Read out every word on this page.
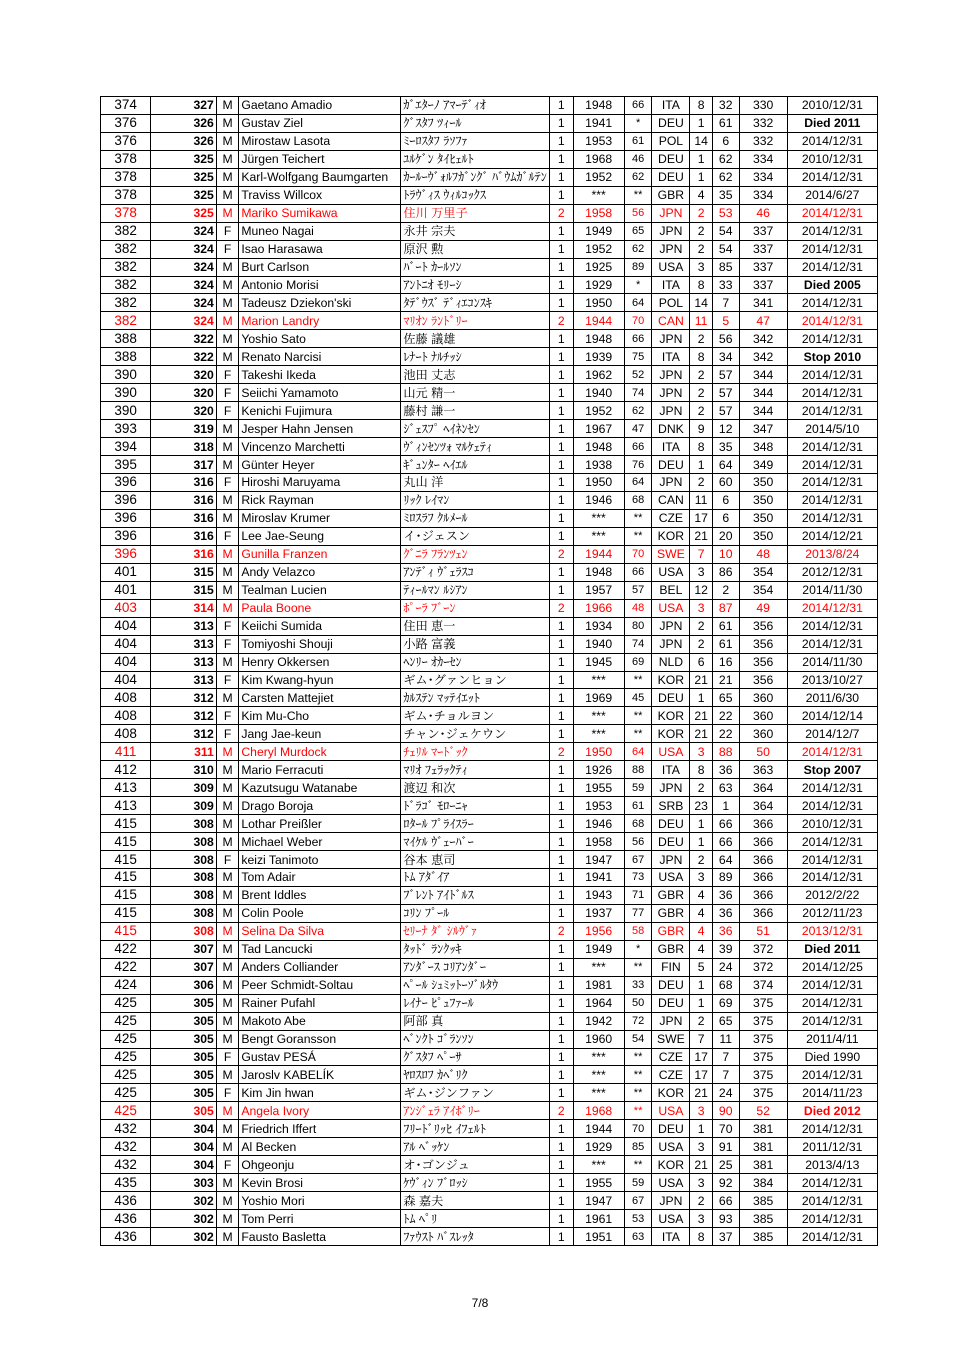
374	327	M	Gaetano Amadio	ｶﾞｴﾀｰﾉ ｱﾏｰﾃﾞｨｵ	1	1948	66	ITA	8	32	330	2010/12/31
376	326	M	Gustav Ziel	ｸﾞｽﾀﾌ ﾂｨｰﾙ	1	1941	*	DEU	1	61	332	Died 2011
376	326	M	Mirostaw Lasota	ﾐｰﾛｽﾀﾌ ﾗｿﾌｧ	1	1953	61	POL	14	6	332	2014/12/31
378	325	M	Jürgen Teichert	ﾕﾙｹﾞﾝ ﾀｲﾋｪﾙﾄ	1	1968	46	DEU	1	62	334	2010/12/31
378	325	M	Karl-Wolfgang Baumgarten	ｶｰﾙｰｳﾞｫﾙﾌｶﾞﾝｸﾞ ﾊﾞｳﾑｶﾞﾙﾃﾝ	1	1952	62	DEU	1	62	334	2014/12/31
378	325	M	Traviss Willcox	ﾄﾗｳﾞｨｽ ｳｨﾙｺｯｸｽ	1	***	**	GBR	4	35	334	2014/6/27
378	325	M	Mariko Sumikawa	住川 万里子	2	1958	56	JPN	2	53	46	2014/12/31
382	324	F	Muneo Nagai	永井 宗夫	1	1949	65	JPN	2	54	337	2014/12/31
382	324	F	Isao Harasawa	原沢 勲	1	1952	62	JPN	2	54	337	2014/12/31
382	324	M	Burt Carlson	ﾊﾞｰﾄ ｶｰﾙｿﾝ	1	1925	89	USA	3	85	337	2014/12/31
382	324	M	Antonio Morisi	ｱﾝﾄﾆｵ ﾓﾘｰｼ	1	1929	*	ITA	8	33	337	Died 2005
382	324	M	Tadeusz Dziekon'ski	ﾀﾃﾞｳｽﾞ ﾃﾞｨｴｺﾝｽｷ	1	1950	64	POL	14	7	341	2014/12/31
382	324	M	Marion Landry	ﾏﾘｵﾝ ﾗﾝﾄﾞﾘｰ	2	1944	70	CAN	11	5	47	2014/12/31
388	322	M	Yoshio Sato	佐藤 議雄	1	1948	66	JPN	2	56	342	2014/12/31
388	322	M	Renato Narcisi	ﾚﾅｰﾄ ﾅﾙﾁｯｼ	1	1939	75	ITA	8	34	342	Stop 2010
390	320	F	Takeshi Ikeda	池田 丈志	1	1962	52	JPN	2	57	344	2014/12/31
390	320	F	Seiichi Yamamoto	山元 精一	1	1940	74	JPN	2	57	344	2014/12/31
390	320	F	Kenichi Fujimura	藤村 謙一	1	1952	62	JPN	2	57	344	2014/12/31
393	319	M	Jesper Hahn Jensen	ｼﾞｪｽﾌﾟ ﾍｲﾈﾝｾﾝ	1	1967	47	DNK	9	12	347	2014/5/10
394	318	M	Vincenzo Marchetti	ｳﾞｨﾝｾﾝﾂｫ ﾏﾙｹｪﾃｨ	1	1948	66	ITA	8	35	348	2014/12/31
395	317	M	Günter Heyer	ｷﾞｭﾝﾀｰ ﾍｲｴﾙ	1	1938	76	DEU	1	64	349	2014/12/31
396	316	F	Hiroshi Maruyama	丸山 洋	1	1950	64	JPN	2	60	350	2014/12/31
396	316	M	Rick Rayman	ﾘｯｸ ﾚｲﾏﾝ	1	1946	68	CAN	11	6	350	2014/12/31
396	316	M	Miroslav Krumer	ﾐﾛｽﾗﾌ ｸﾙﾒｰﾙ	1	***	**	CZE	17	6	350	2014/12/31
396	316	F	Lee Jae-Seung	イ･ジェスン	1	***	**	KOR	21	20	350	2014/12/21
396	316	M	Gunilla Franzen	ｸﾞﾆﾗ ﾌﾗﾝﾂｪﾝ	2	1944	70	SWE	7	10	48	2013/8/24
401	315	M	Andy Velazco	ｱﾝﾃﾞｨ ｳﾞｪﾗｽｺ	1	1948	66	USA	3	86	354	2012/12/31
401	315	M	Tealman Lucien	ﾃｨｰﾙﾏﾝ ﾙｼｱﾝ	1	1957	57	BEL	12	2	354	2014/11/30
403	314	M	Paula Boone	ﾎﾟｰﾗ ﾌﾞｰﾝ	2	1966	48	USA	3	87	49	2014/12/31
404	313	F	Keiichi Sumida	住田 恵一	1	1934	80	JPN	2	61	356	2014/12/31
404	313	F	Tomiyoshi Shouji	小路 富義	1	1940	74	JPN	2	61	356	2014/12/31
404	313	M	Henry Okkersen	ﾍﾝﾘｰ ｵｶｰｾﾝ	1	1945	69	NLD	6	16	356	2014/11/30
404	313	F	Kim Kwang-hyun	ギム･グァンヒョン	1	***	**	KOR	21	21	356	2013/10/27
408	312	M	Carsten Mattejiet	ｶﾙｽﾃﾝ ﾏｯﾃｲｴｯﾄ	1	1969	45	DEU	1	65	360	2011/6/30
408	312	F	Kim Mu-Cho	ギム･チョルヨン	1	***	**	KOR	21	22	360	2014/12/14
408	312	F	Jang Jae-keun	チャン･ジェケウン	1	***	**	KOR	21	22	360	2014/12/7
411	311	M	Cheryl Murdock	ﾁｪﾘﾙ ﾏｰﾄﾞｯｸ	2	1950	64	USA	3	88	50	2014/12/31
412	310	M	Mario Ferracuti	ﾏﾘｵ ﾌｪﾗｯｸﾃｨ	1	1926	88	ITA	8	36	363	Stop 2007
413	309	M	Kazutsugu Watanabe	渡辺 和次	1	1955	59	JPN	2	63	364	2014/12/31
413	309	M	Drago Boroja	ﾄﾞﾗｺﾞ ﾓﾛｰﾆｬ	1	1953	61	SRB	23	1	364	2014/12/31
415	308	M	Lothar Preißler	ﾛﾀｰﾙ ﾌﾟﾗｲｽﾗｰ	1	1946	68	DEU	1	66	366	2010/12/31
415	308	M	Michael Weber	ﾏｲｹﾙ ｳﾞｪｰﾊﾞｰ	1	1958	56	DEU	1	66	366	2014/12/31
415	308	F	keizi Tanimoto	谷本 恵司	1	1947	67	JPN	2	64	366	2014/12/31
415	308	M	Tom Adair	ﾄﾑ ｱﾀﾞｲｱ	1	1941	73	USA	3	89	366	2014/12/31
415	308	M	Brent Iddles	ﾌﾞﾚﾝﾄ ｱｲﾄﾞﾙｽ	1	1943	71	GBR	4	36	366	2012/2/22
415	308	M	Colin Poole	ｺﾘﾝ ﾌﾟｰﾙ	1	1937	77	GBR	4	36	366	2012/11/23
415	308	M	Selina Da Silva	ｾﾘｰﾅ ﾀﾞ ｼﾙｳﾞｧ	2	1956	58	GBR	4	36	51	2013/12/31
422	307	M	Tad Lancucki	ﾀｯﾄﾞ ﾗﾝｸｯｷ	1	1949	*	GBR	4	39	372	Died 2011
422	307	M	Anders Colliander	ｱﾝﾀﾞｰｽ ｺﾘｱﾝﾀﾞｰ	1	***	**	FIN	5	24	372	2014/12/25
424	306	M	Peer Schmidt-Soltau	ﾍﾟｰﾙ ｼｭﾐｯﾄｰｿﾞﾙﾀｳ	1	1981	33	DEU	1	68	374	2014/12/31
425	305	M	Rainer Pufahl	ﾚｲﾅｰ ﾋﾟｭﾌｧｰﾙ	1	1964	50	DEU	1	69	375	2014/12/31
425	305	M	Makoto Abe	阿部 真	1	1942	72	JPN	2	65	375	2014/12/31
425	305	M	Bengt Goransson	ﾍﾞﾝｸﾄ ｺﾞﾗﾝｿﾝ	1	1960	54	SWE	7	11	375	2011/4/11
425	305	F	Gustav PESÁ	ｸﾞｽﾀﾌ ﾍﾟｰｻ	1	***	**	CZE	17	7	375	Died 1990
425	305	M	Jaroslv KABELÍK	ﾔﾛｽﾛﾌ ｶﾍﾞﾘｸ	1	***	**	CZE	17	7	375	2014/12/31
425	305	F	Kim Jin hwan	ギム･ジンファン	1	***	**	KOR	21	24	375	2014/11/23
425	305	M	Angela Ivory	ｱﾝｼﾞｪﾗ ｱｲﾎﾞﾘｰ	2	1968	**	USA	3	90	52	Died 2012
432	304	M	Friedrich Iffert	ﾌﾘｰﾄﾞﾘｯﾋ ｲﾌｪﾙﾄ	1	1944	70	DEU	1	70	381	2014/12/31
432	304	M	Al Becken	ｱﾙ ﾍﾞｯｹﾝ	1	1929	85	USA	3	91	381	2011/12/31
432	304	F	Ohgeonju	オ･ゴンジュ	1	***	**	KOR	21	25	381	2013/4/13
435	303	M	Kevin Brosi	ｹｳﾞｨﾝ ﾌﾞﾛｯｼ	1	1955	59	USA	3	92	384	2014/12/31
436	302	M	Yoshio Mori	森 嘉夫	1	1947	67	JPN	2	66	385	2014/12/31
436	302	M	Tom Perri	ﾄﾑ ﾍﾟﾘ	1	1961	53	USA	3	93	385	2014/12/31
436	302	M	Fausto Basletta	ﾌｧｳｽﾄ ﾊﾞｽﾚｯﾀ	1	1951	63	ITA	8	37	385	2014/12/31
7/8
